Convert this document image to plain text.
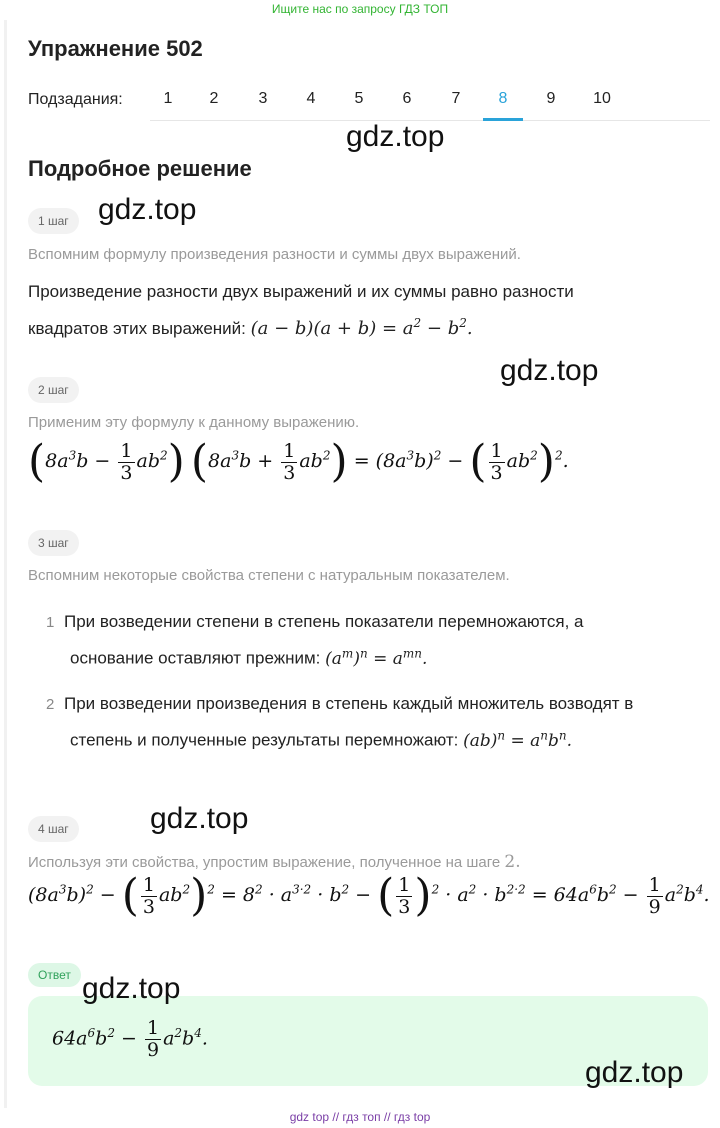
Ищите нас по запросу ГДЗ ТОП
Упражнение 502
Подзадания:	1	2	3	4	5	6	7	8	9	10
gdz.top
Подробное решение
1 шаг gdz.top
Вспомним формулу произведения разности и суммы двух выражений.
Произведение разности двух выражений и их суммы равно разности
квадратов этих выражений: $(a - b)(a + b) = a^2 - b^2$.
gdz.top
2 шаг
Применим эту формулу к данному выражению.
$(8a^3b - \frac{1}{3} ab^2) (8a^3b + \frac{1}{3} ab^2) = (8a^3b)^2$ − ( $\frac{1}{3} ab^2)^2$.
3 шаг
Вспомним некоторые свойства степени с натуральным показателем.
1 При возведении степени в степень показатели перемножаются, а
основание оставляют прежним: $(a^m)^n = a^{mn}$.
2 При возведении произведения в степень каждый множитель возводят в
степень и полученные результаты перемножают: $(ab)^n = a^nb^n$.
gdz.top
4 шаг
Используя эти свойства, упростим выражение, полученное на шаге 2.
$(8a^3b)^2$ − ( $\frac{1}{3} ab^2)^2 = 8^2 \cdot a^{3\cdot 2} \cdot b^2$ − ( $\frac{1}{3} )^2 \cdot a^2 \cdot b^{2\cdot 2} = 64a^6b^2 - \frac{1}{9} a^2b^4$.
Ответ gdz.top
$64a^6b^2 - \frac{1}{9} a^2b^4$.
gdz.top
gdz top // гдз топ // гдз top
